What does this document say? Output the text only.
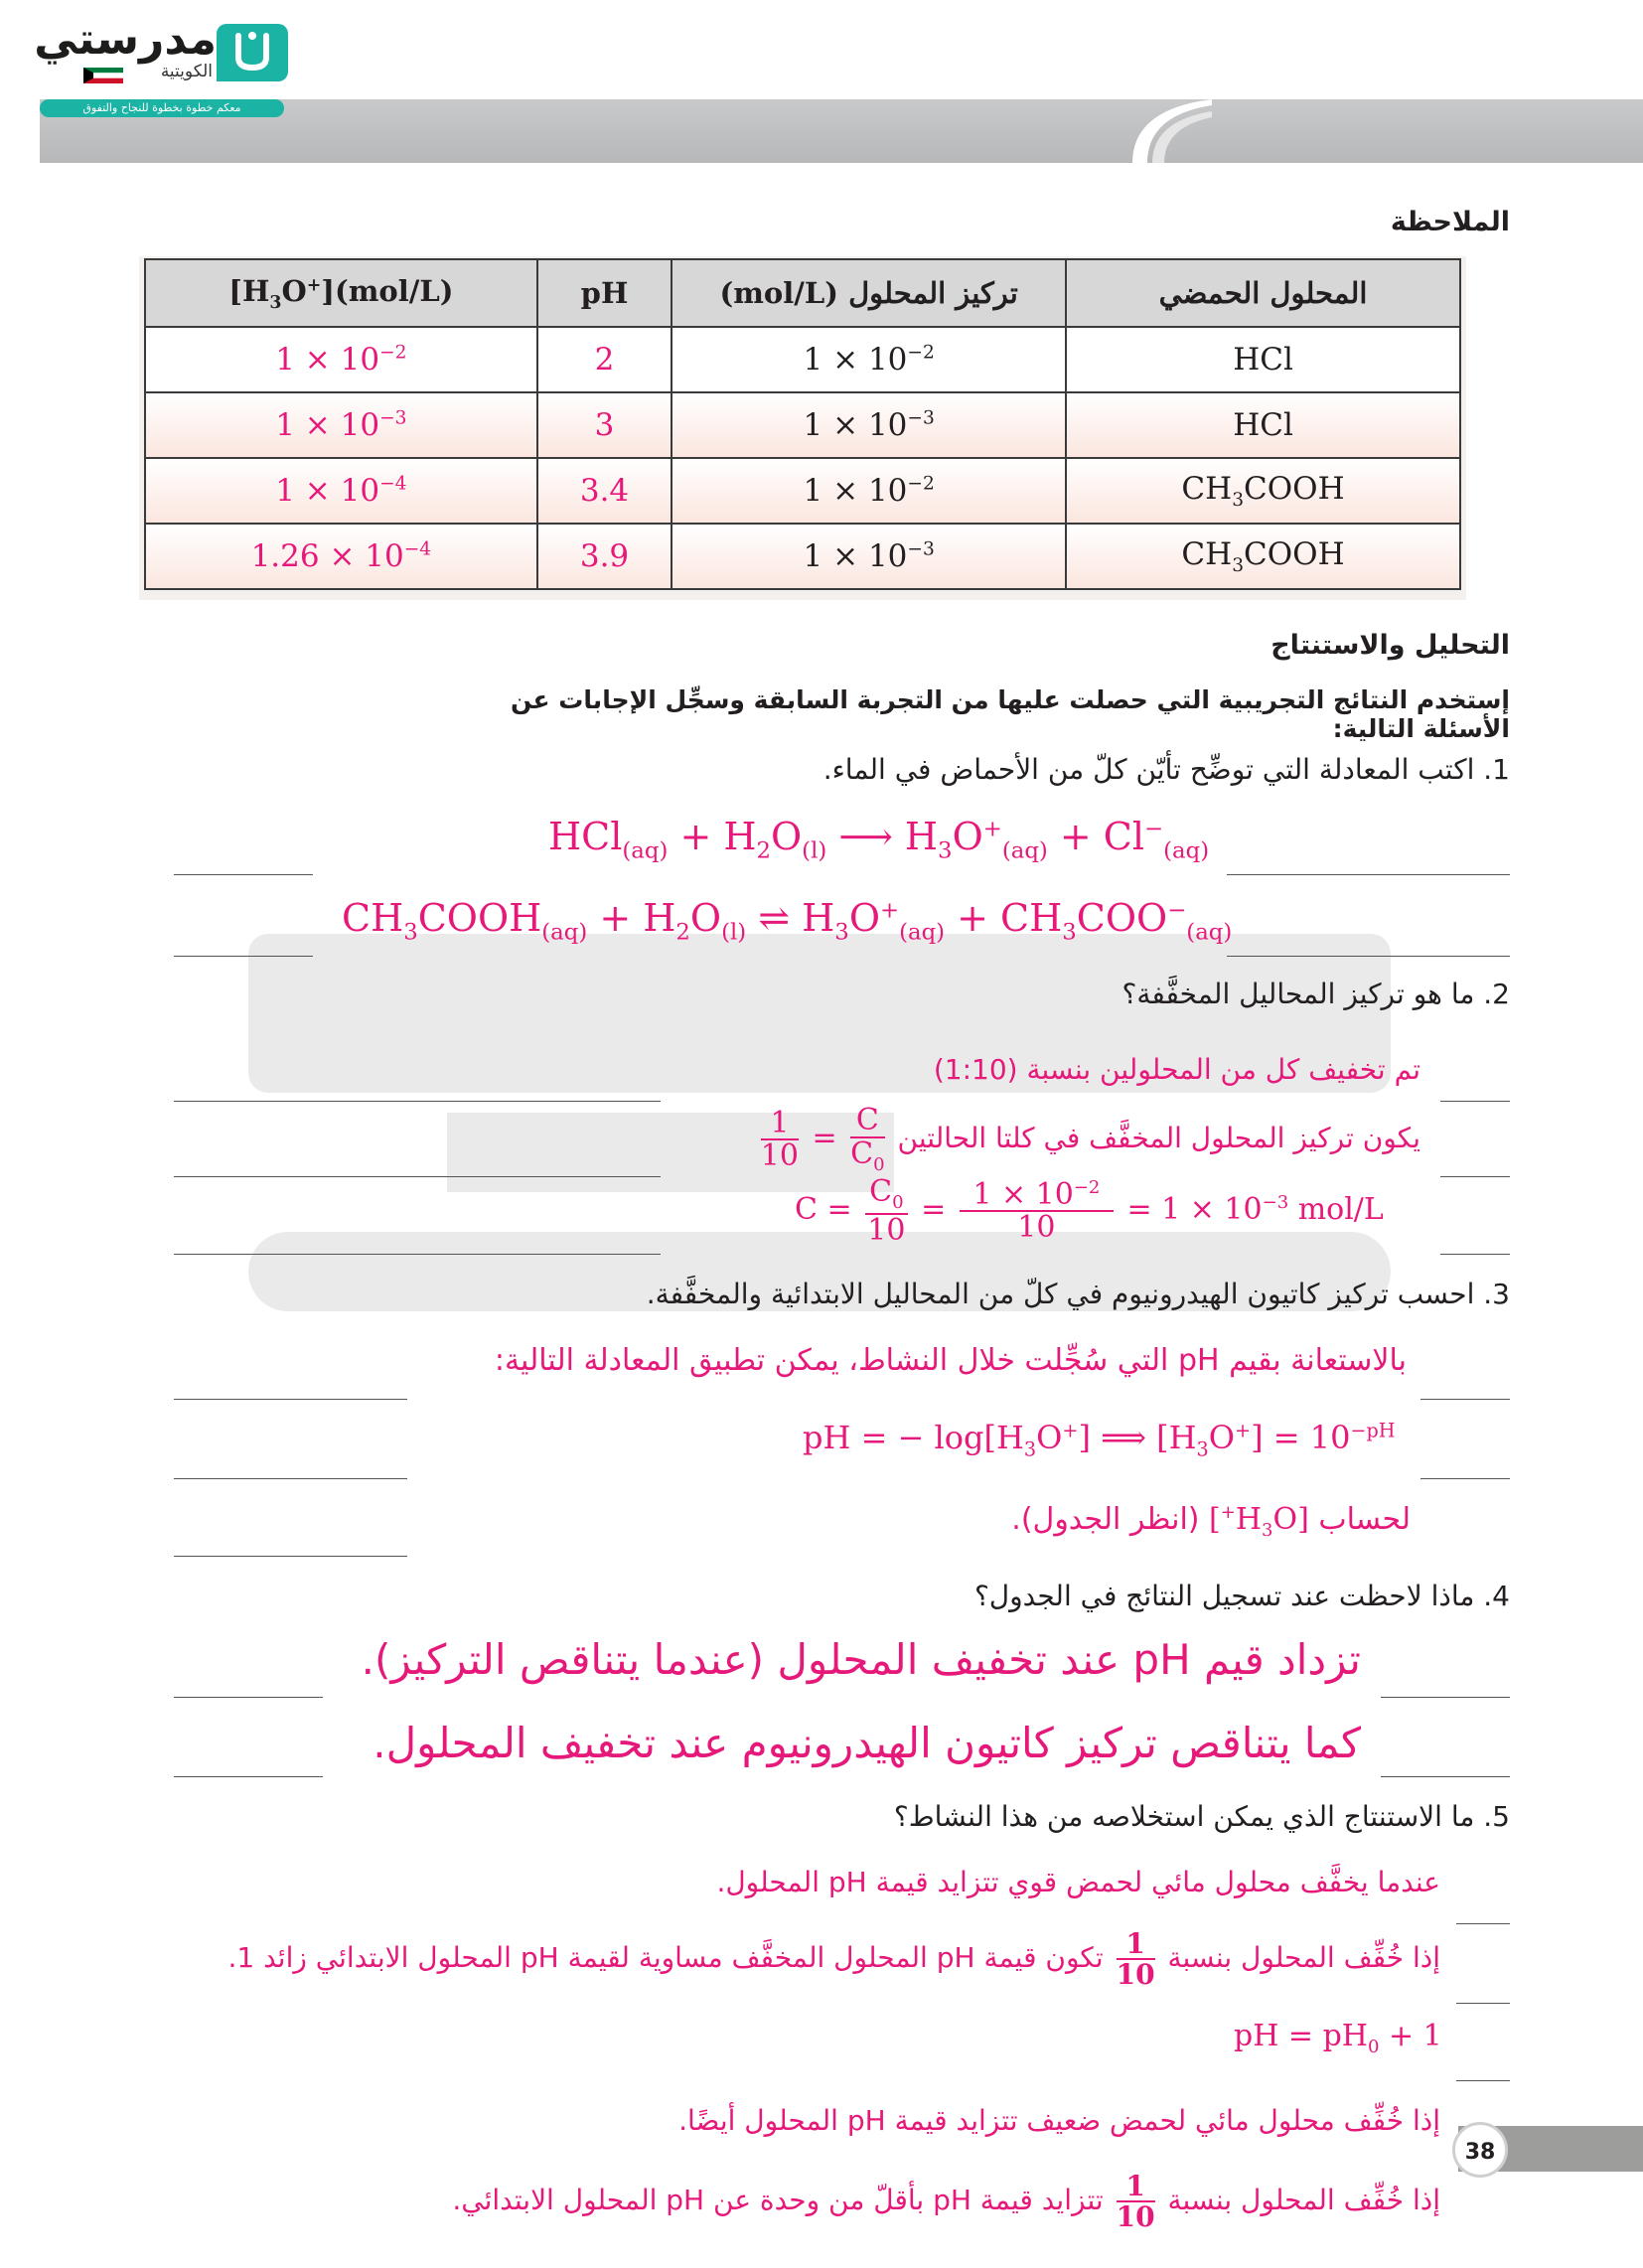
مدرستي
الكويتية
معكم خطوة بخطوة للنجاح والتفوق
الملاحظة
$[H_3O^+](mol/L)$	pH	تركيز المحلول (mol/L)	المحلول الحمضي
$1 \times 10^{-2}$	2	$1 \times 10^{-2}$	HCl
$1 \times 10^{-3}$	3	$1 \times 10^{-3}$	HCl
$1 \times 10^{-4}$	3.4	$1 \times 10^{-2}$	$CH_3COOH$
$1.26 \times 10^{-4}$	3.9	$1 \times 10^{-3}$	$CH_3COOH$
التحليل والاستنتاج
إستخدم النتائج التجريبية التي حصلت عليها من التجربة السابقة وسجِّل الإجابات عن الأسئلة التالية:
1. اكتب المعادلة التي توضِّح تأيّن كلّ من الأحماض في الماء.
$HCl_{(aq)} + H_2O_{(l)}$ ⟶ $H_3O^+_{(aq)} + Cl^-_{(aq)}$
$CH_3COOH_{(aq)} + H_2O_{(l)}$ ⇌ $H_3O^+_{(aq)} + CH_3COO^-_{(aq)}$
2. ما هو تركيز المحاليل المخفَّفة؟
تم تخفيف كل من المحلولين بنسبة (1:10)
يكون تركيز المحلول المخفَّف في كلتا الحالتين
$\frac{C}{C_0}$
=
$\frac{1}{10}$
$C = \frac{C_0}{10} = \frac{1 \times 10^{-2}}{10} = 1 \times 10^{-3}$ mol/L
3. احسب تركيز كاتيون الهيدرونيوم في كلّ من المحاليل الابتدائية والمخفَّفة.
بالاستعانة بقيم pH التي سُجِّلت خلال النشاط، يمكن تطبيق المعادلة التالية:
pH = − $\log[H_3O^+]$ ⟹ $[H_3O^+] = 10^{-pH}$
لحساب $[H_3O^+]$ (انظر الجدول).
4. ماذا لاحظت عند تسجيل النتائج في الجدول؟
تزداد قيم pH عند تخفيف المحلول (عندما يتناقص التركيز).
كما يتناقص تركيز كاتيون الهيدرونيوم عند تخفيف المحلول.
5. ما الاستنتاج الذي يمكن استخلاصه من هذا النشاط؟
عندما يخفَّف محلول مائي لحمض قوي تتزايد قيمة pH المحلول.
إذا خُفِّف المحلول بنسبة
$\frac{1}{10}$
تكون قيمة pH المحلول المخفَّف مساوية لقيمة pH المحلول الابتدائي زائد 1.
pH = $pH_0 + 1$
إذا خُفِّف محلول مائي لحمض ضعيف تتزايد قيمة pH المحلول أيضًا.
إذا خُفِّف المحلول بنسبة
$\frac{1}{10}$
تتزايد قيمة pH بأقلّ من وحدة عن pH المحلول الابتدائي.
38
